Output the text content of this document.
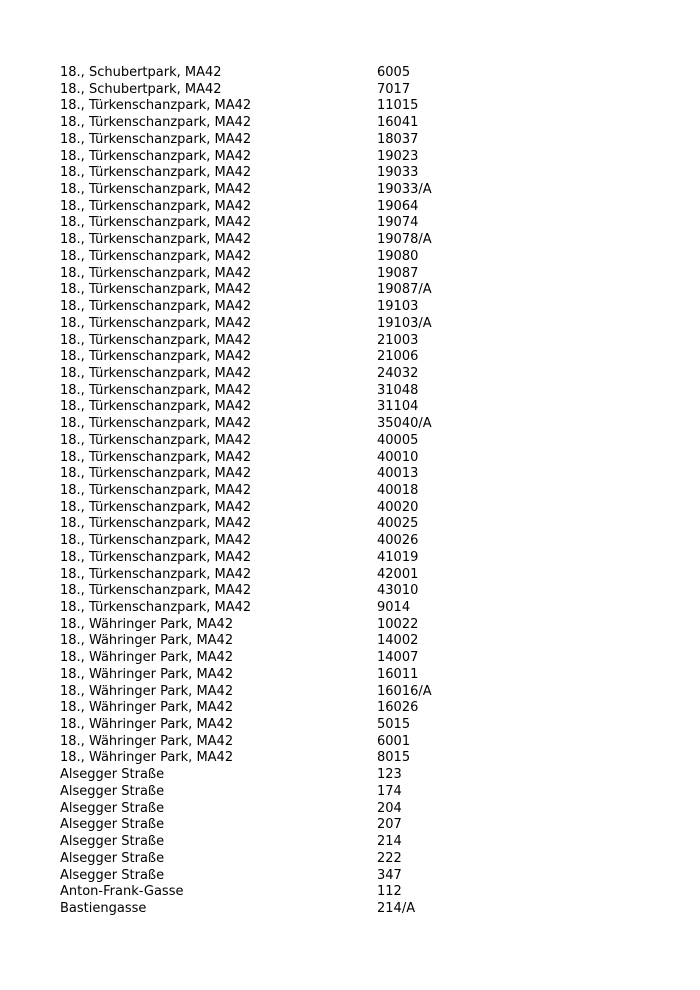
18., Schubertpark, MA42	6005
18., Schubertpark, MA42	7017
18., Türkenschanzpark, MA42	11015
18., Türkenschanzpark, MA42	16041
18., Türkenschanzpark, MA42	18037
18., Türkenschanzpark, MA42	19023
18., Türkenschanzpark, MA42	19033
18., Türkenschanzpark, MA42	19033/A
18., Türkenschanzpark, MA42	19064
18., Türkenschanzpark, MA42	19074
18., Türkenschanzpark, MA42	19078/A
18., Türkenschanzpark, MA42	19080
18., Türkenschanzpark, MA42	19087
18., Türkenschanzpark, MA42	19087/A
18., Türkenschanzpark, MA42	19103
18., Türkenschanzpark, MA42	19103/A
18., Türkenschanzpark, MA42	21003
18., Türkenschanzpark, MA42	21006
18., Türkenschanzpark, MA42	24032
18., Türkenschanzpark, MA42	31048
18., Türkenschanzpark, MA42	31104
18., Türkenschanzpark, MA42	35040/A
18., Türkenschanzpark, MA42	40005
18., Türkenschanzpark, MA42	40010
18., Türkenschanzpark, MA42	40013
18., Türkenschanzpark, MA42	40018
18., Türkenschanzpark, MA42	40020
18., Türkenschanzpark, MA42	40025
18., Türkenschanzpark, MA42	40026
18., Türkenschanzpark, MA42	41019
18., Türkenschanzpark, MA42	42001
18., Türkenschanzpark, MA42	43010
18., Türkenschanzpark, MA42	9014
18., Währinger Park, MA42	10022
18., Währinger Park, MA42	14002
18., Währinger Park, MA42	14007
18., Währinger Park, MA42	16011
18., Währinger Park, MA42	16016/A
18., Währinger Park, MA42	16026
18., Währinger Park, MA42	5015
18., Währinger Park, MA42	6001
18., Währinger Park, MA42	8015
Alsegger Straße	123
Alsegger Straße	174
Alsegger Straße	204
Alsegger Straße	207
Alsegger Straße	214
Alsegger Straße	222
Alsegger Straße	347
Anton-Frank-Gasse	112
Bastiengasse	214/A
